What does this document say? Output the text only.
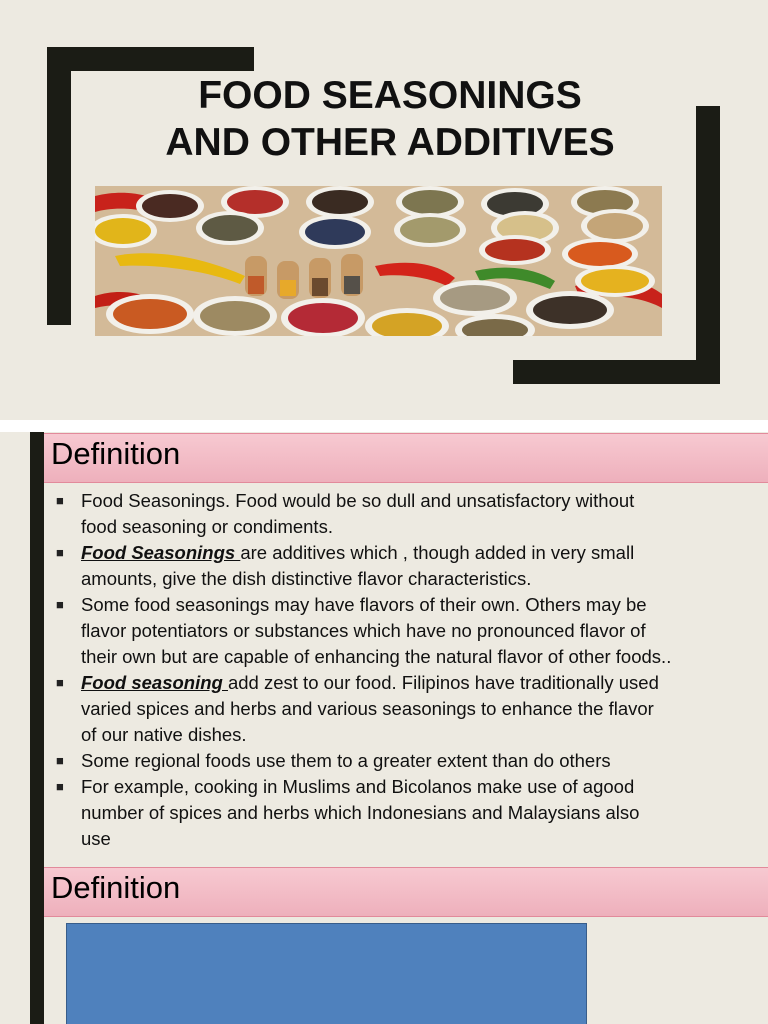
FOOD SEASONINGS
AND OTHER ADDITIVES
Definition
■ Food Seasonings. Food would be so dull and unsatisfactory without
food seasoning or condiments.
■ Food Seasonings are additives which , though added in very small
amounts, give the dish distinctive flavor characteristics.
■ Some food seasonings may have flavors of their own. Others may be
flavor potentiators or substances which have no pronounced flavor of
their own but are capable of enhancing the natural flavor of other foods..
■ Food seasoning add zest to our food. Filipinos have traditionally used
varied spices and herbs and various seasonings to enhance the flavor
of our native dishes.
■ Some regional foods use them to a greater extent than do others
■ For example, cooking in Muslims and Bicolanos make use of agood
number of spices and herbs which Indonesians and Malaysians also
use
Definition
